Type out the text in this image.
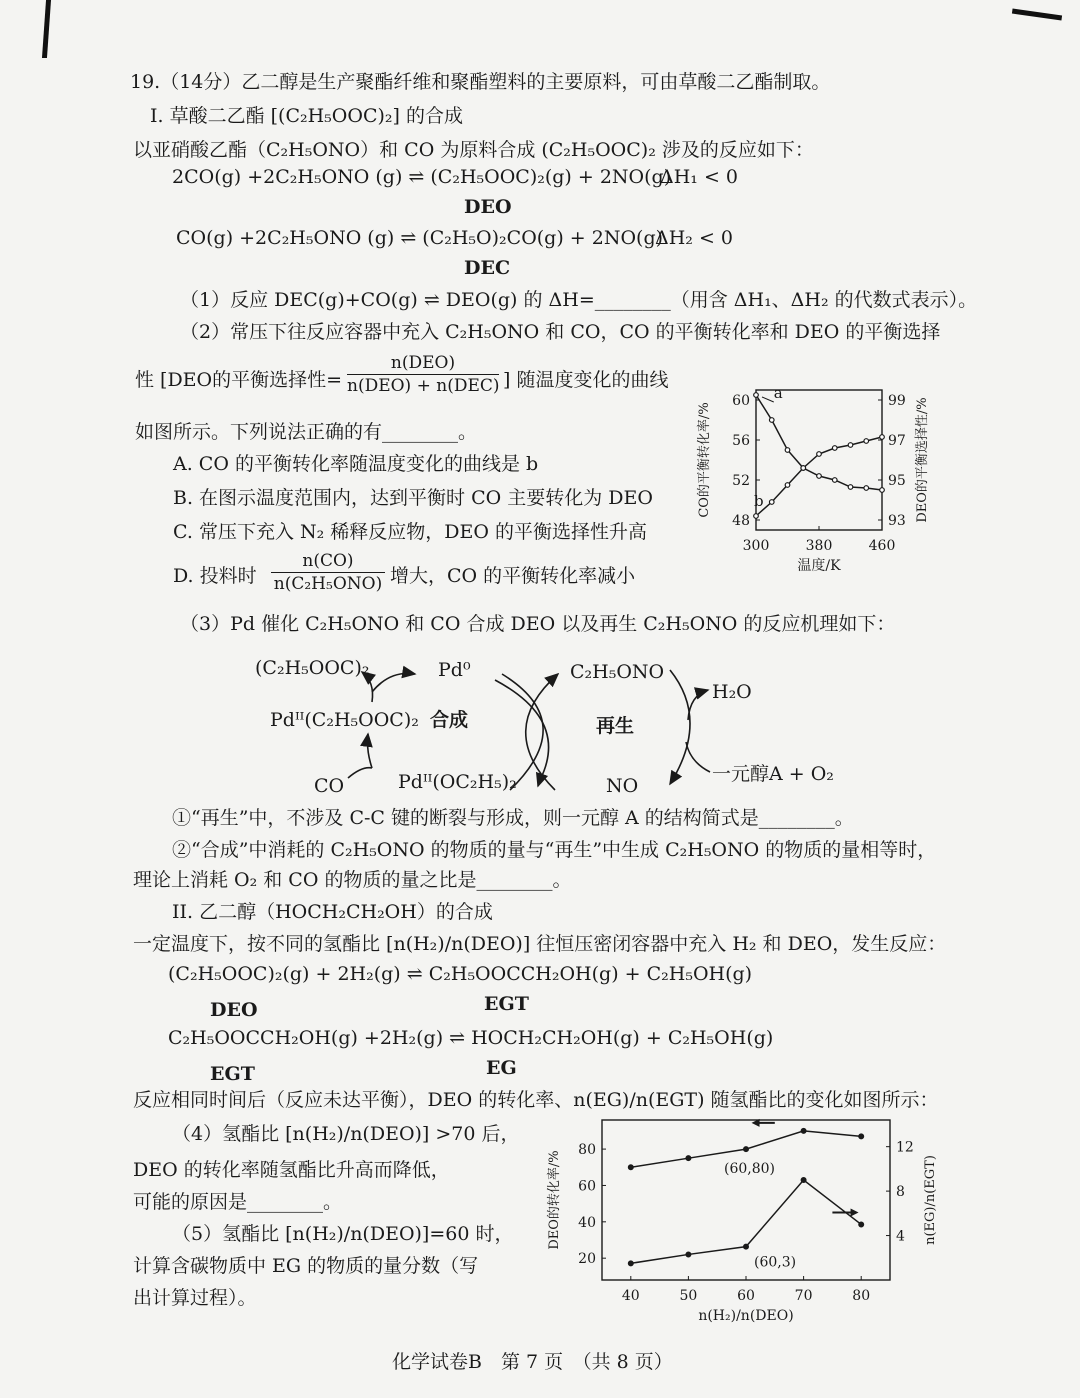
19.（14分）乙二醇是生产聚酯纤维和聚酯塑料的主要原料，可由草酸二乙酯制取。
I. 草酸二乙酯 [(C₂H₅OOC)₂] 的合成
以亚硝酸乙酯（C₂H₅ONO）和 CO 为原料合成 (C₂H₅OOC)₂ 涉及的反应如下：
2CO(g) +2C₂H₅ONO (g) ⇌ (C₂H₅OOC)₂(g) + 2NO(g)
ΔH₁ < 0
DEO
CO(g) +2C₂H₅ONO (g) ⇌ (C₂H₅O)₂CO(g) + 2NO(g)
ΔH₂ < 0
DEC
（1）反应 DEC(g)+CO(g) ⇌ DEO(g) 的 ΔH=________（用含 ΔH₁、ΔH₂ 的代数式表示）。
（2）常压下往反应容器中充入 C₂H₅ONO 和 CO，CO 的平衡转化率和 DEO 的平衡选择
性 [DEO的平衡选择性=
n(DEO)
n(DEO) + n(DEC) ] 随温度变化的曲线
如图所示。下列说法正确的有________。
A. CO 的平衡转化率随温度变化的曲线是 b
B. 在图示温度范围内，达到平衡时 CO 主要转化为 DEO
C. 常压下充入 N₂ 稀释反应物，DEO 的平衡选择性升高
D. 投料时
n(CO)
n(C₂H₅ONO) 增大，CO 的平衡转化率减小
300	380	460
48
52
56
60
93
95
97
99
温度/K
CO的平衡转化率/%	DEO的平衡选择性/%
a
b
（3）Pd 催化 C₂H₅ONO 和 CO 合成 DEO 以及再生 C₂H₅ONO 的反应机理如下：
(C₂H₅OOC)₂	Pd⁰
Pdᴵᴵ(C₂H₅OOC)₂ 合成
CO	Pdᴵᴵ(OC₂H₅)₂
C₂H₅ONO
再生
NO
H₂O
一元醇A + O₂
①“再生”中，不涉及 C-C 键的断裂与形成，则一元醇 A 的结构简式是________。
②“合成”中消耗的 C₂H₅ONO 的物质的量与“再生”中生成 C₂H₅ONO 的物质的量相等时，
理论上消耗 O₂ 和 CO 的物质的量之比是________。
II. 乙二醇（HOCH₂CH₂OH）的合成
一定温度下，按不同的氢酯比 [n(H₂)/n(DEO)] 往恒压密闭容器中充入 H₂ 和 DEO，发生反应：
(C₂H₅OOC)₂(g) + 2H₂(g) ⇌ C₂H₅OOCCH₂OH(g) + C₂H₅OH(g)
DEO	EGT
C₂H₅OOCCH₂OH(g) +2H₂(g) ⇌ HOCH₂CH₂OH(g) + C₂H₅OH(g)
EGT	EG
反应相同时间后（反应未达平衡），DEO 的转化率、n(EG)/n(EGT) 随氢酯比的变化如图所示：
（4）氢酯比 [n(H₂)/n(DEO)] >70 后，
DEO 的转化率随氢酯比升高而降低，
可能的原因是________。
（5）氢酯比 [n(H₂)/n(DEO)]=60 时，
计算含碳物质中 EG 的物质的量分数（写
出计算过程）。	40	50	60	70	80
20
40
60
80
4
8
12
n(H₂)/n(DEO)
DEO的转化率/%	n(EG)/n(EGT)
(60,80)
(60,3)
化学试卷B　第 7 页　（共 8 页）
